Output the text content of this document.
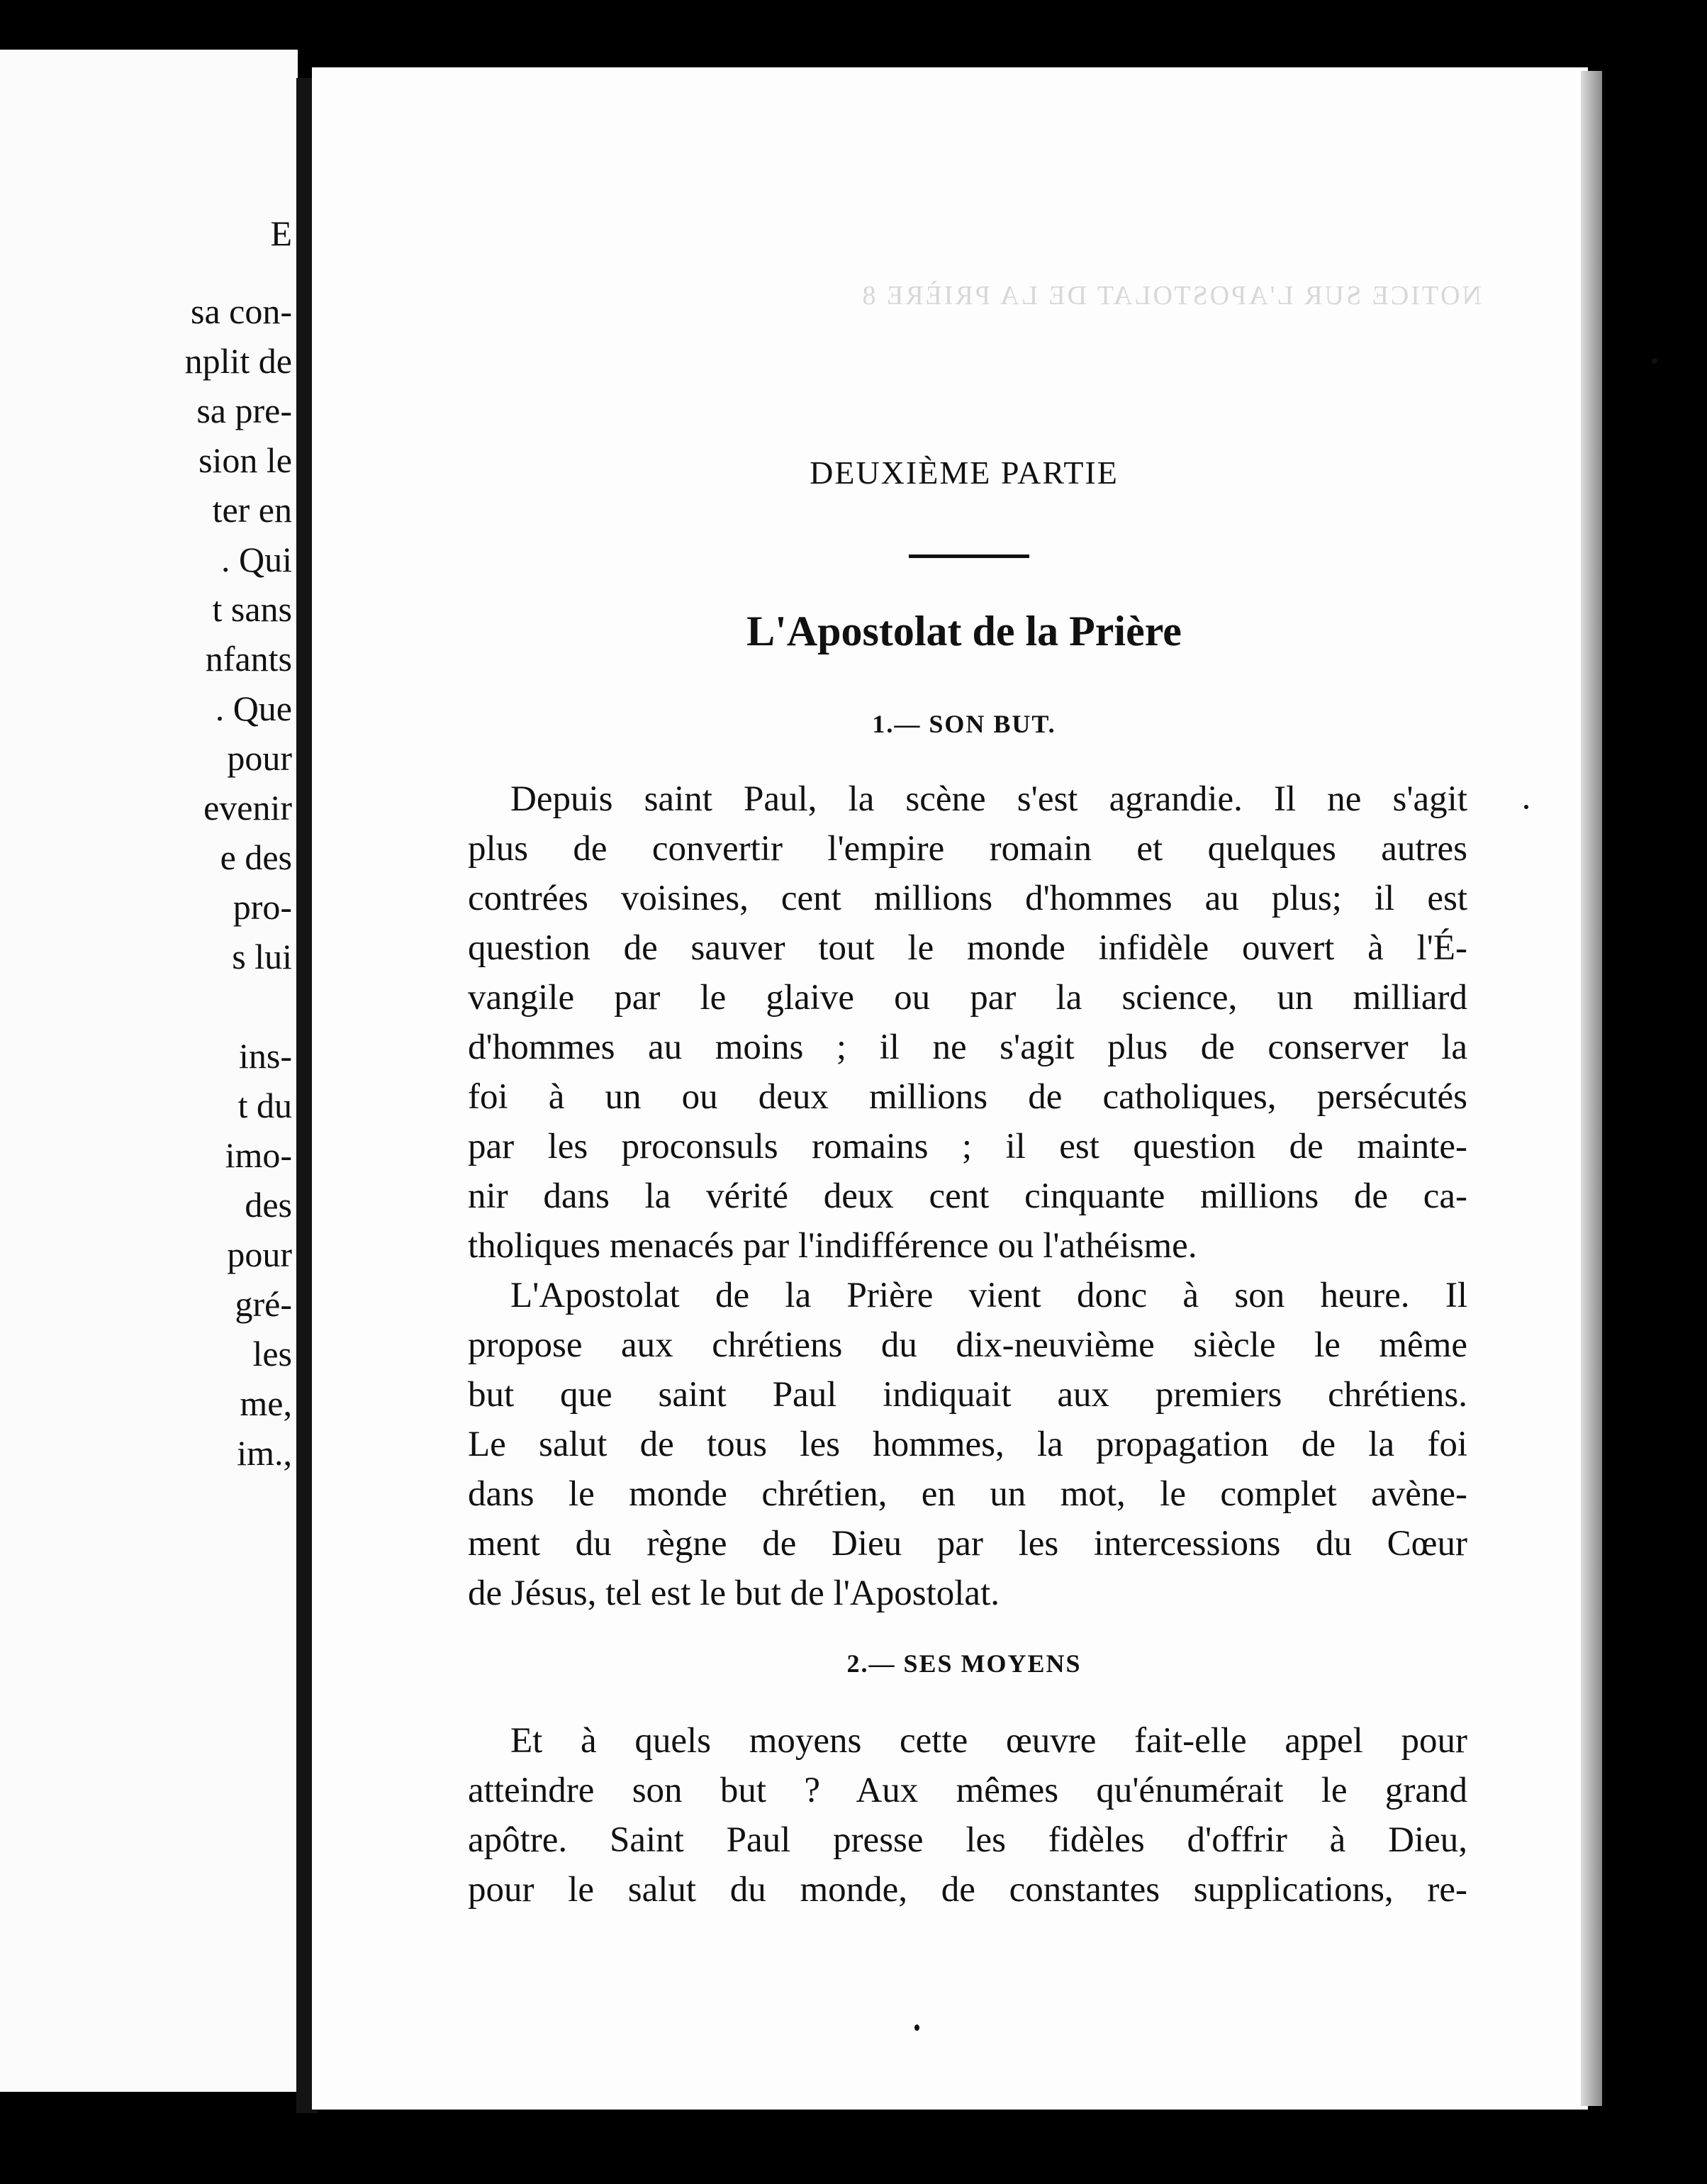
E
sa con-
nplit de
sa pre-
sion le
ter en
. Qui
t sans
nfants
. Que
pour
evenir
e des
pro-
s lui
ins-
t du
imo-
des
pour
gré-
les
me,
im.,
NOTICE SUR L'APOSTOLAT DE LA PRIÈRE 8
DEUXIÈME PARTIE
L'Apostolat de la Prière
1.— SON BUT.
Depuis saint Paul, la scène s'est agrandie. Il ne s'agit
plus de convertir l'empire romain et quelques autres
contrées voisines, cent millions d'hommes au plus; il est
question de sauver tout le monde infidèle ouvert à l'É-
vangile par le glaive ou par la science, un milliard
d'hommes au moins ; il ne s'agit plus de conserver la
foi à un ou deux millions de catholiques, persécutés
par les proconsuls romains ; il est question de mainte-
nir dans la vérité deux cent cinquante millions de ca-
tholiques menacés par l'indifférence ou l'athéisme.
L'Apostolat de la Prière vient donc à son heure. Il
propose aux chrétiens du dix-neuvième siècle le même
but que saint Paul indiquait aux premiers chrétiens.
Le salut de tous les hommes, la propagation de la foi
dans le monde chrétien, en un mot, le complet avène-
ment du règne de Dieu par les intercessions du Cœur
de Jésus, tel est le but de l'Apostolat.
2.— SES MOYENS
Et à quels moyens cette œuvre fait-elle appel pour
atteindre son but ? Aux mêmes qu'énumérait le grand
apôtre. Saint Paul presse les fidèles d'offrir à Dieu,
pour le salut du monde, de constantes supplications, re-
